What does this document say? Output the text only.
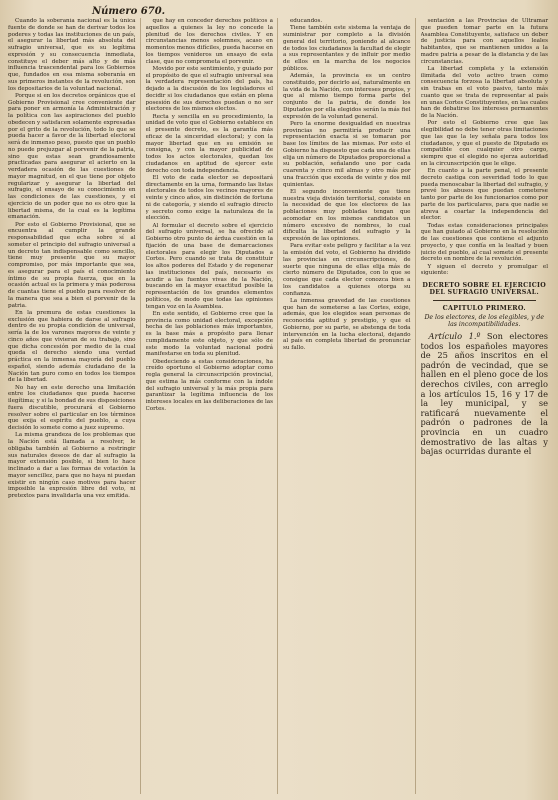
Número 670.

Cuando la soberanía nacional es la única fuente de donde se han de derivar todos los poderes y todas las instituciones de un país, el asegurar la libertad más absoluta del sufragio universal, que es su legítima expresión y su consecuencia inmediata, constituye el deber más alto y de más influencia trascendental para los Gobiernos que, fundados en esa misma soberanía en sus primeros instantes de la revolución, son los depositarios de la voluntad nacional.

Porque si en los decretos orgánicos que el Gobierno Provisional cree conveniente dar para poner en armonía la Administración y la política con las aspiraciones del pueblo obedecen y satisfacen solamente expresadas por el grito de la revolución, todo lo que se pueda hacer a favor de la libertad electoral será de inmenso peso, puesto que un pueblo no puede prejuzgar al porvenir de la patria, sino que estas sean grandiosamente practicadas para asegurar el acierto en la verdadera ocasión de las cuestiones de mayor magnitud, en el que tiene por objeto regularizar y asegurar la libertad del sufragio, el ensayo de su conocimiento en las condiciones de las cuestiones, y el ejercicio de un poder que no es otro que la libertad misma, de la cual es la legítima emanación.

Por esto el Gobierno Provisional, que se encuentra al cumplir la grande responsabilidad que echa sobre sí al someter el principio del sufragio universal a un decreto tan indispensable como sencillo, tiene muy presente que su mayor compromiso, por más importante que sea, es asegurar para el país el conocimiento íntimo de su propia fuerza, que en la ocasión actual es la primera y más poderosa de cuantas tiene el pueblo para resolver de la manera que sea a bien el porvenir de la patria.

En la premura de estas cuestiones la exclusión que habiera de darse al sufragio dentro de su propia condición de universal, sería la de los varones mayores de veinte y cinco años que vivieran de su trabajo, sino que dicha concesión por medio de la cual queda el derecho siendo una verdad práctica en la inmensa mayoría del pueblo español, siendo además ciudadano de la Nación tan puro como en todos los tiempos de la libertad.

No hay en este derecho una limitación entre los ciudadanos que pueda hacerse ilegítima; y si la bondad de sus disposiciones fuera discutible, procurará el Gobierno resolver sobre el particular en los términos que exija el espíritu del pueblo, a cuya decisión lo somete como a juez supremo.

La misma grandeza de los problemas que la Nación está llamada a resolver, le obligaba también al Gobierno a restringir sus naturales deseos de dar al sufragio la mayor extensión posible, si bien lo hace inclinado a dar a las formas de votación la mayor sencillez, para que no haya ni puedan existir en ningún caso motivos para hacer imposible la expresión libre del voto, ni pretextos para invalidarla una vez emitida.

que hay en conceder derechos políticos a aquellos a quienes la ley no concede la plenitud de los derechos civiles. Y en circunstancias menos solemnes, acaso en momentos menos difíciles, pueda hacerse en los tiempos venideros un ensayo de esta clase, que no comprometa el porvenir.

Movido por este sentimiento, y guiado por el propósito de que el sufragio universal sea la verdadera representación del país, ha dejado a la discusión de los legisladores el decidir si los ciudadanos que están en plena posesión de sus derechos puedan o no ser electores de los mismos electos.

Recta y sencilla en su procedimiento, la unidad de voto que el Gobierno establece en el presente decreto, es la garantía más eficaz de la sinceridad electoral; y con la mayor libertad que en su emisión se consigna, y con la mayor publicidad de todos los actos electorales, quedan los ciudadanos en aptitud de ejercer este derecho con toda independencia.

El voto de cada elector se depositará directamente en la urna, formando las listas electorales de todos los vecinos mayores de veinte y cinco años, sin distinción de fortuna ni de categoría, y siendo el sufragio directo y secreto como exige la naturaleza de la elección.

Al formular el decreto sobre el ejercicio del sufragio universal, se ha ofrecido al Gobierno otro punto de árdua cuestión en la fijación de una base de demarcaciones electorales para elegir los Diputados a Cortes. Pero cuando se trata de constituir los altos poderes del Estado y de regenerar las instituciones del país, necesario es acudir a las fuentes vivas de la Nación, buscando en la mayor exactitud posible la representación de los grandes elementos políticos, de modo que todas las opiniones tengan voz en la Asamblea.

En este sentido, el Gobierno cree que la provincia como unidad electoral, excepción hecha de las poblaciones más importantes, es la base más a propósito para llenar cumplidamente este objeto, y que sólo de este modo la voluntad nacional podrá manifestarse en toda su plenitud.

Obedeciendo a estas consideraciones, ha creído oportuno el Gobierno adoptar como regla general la circunscripción provincial, que estima la más conforme con la índole del sufragio universal y la más propia para garantizar la legítima influencia de los intereses locales en las deliberaciones de las Cortes.

educandos.

Tiene también este sistema la ventaja de suministrar por completo a la división general del territorio, poniendo al alcance de todos los ciudadanos la facultad de elegir a sus representantes y de influir por medio de ellos en la marcha de los negocios públicos.

Además, la provincia es un centro constituido, por decirlo así, naturalmente en la vida de la Nación, con intereses propios, y que al mismo tiempo forma parte del conjunto de la patria, de donde los Diputados por ella elegidos serán la más fiel expresión de la voluntad general.

Pero la enorme desigualdad en nuestras provincias no permitiría producir una representación exacta si se tomaran por base los límites de las mismas. Por esto el Gobierno ha dispuesto que cada una de ellas elija un número de Diputados proporcional a su población, señalando uno por cada cuarenta y cinco mil almas y otro más por una fracción que exceda de veinte y dos mil quinientas.

El segundo inconveniente que tiene nuestra vieja división territorial, consiste en la necesidad de que los electores de las poblaciones muy pobladas tengan que acomodar en los mismos candidatos un número excesivo de nombres, lo cual dificulta la libertad del sufragio y la expresión de las opiniones.

Para evitar este peligro y facilitar a la vez la emisión del voto, el Gobierno ha dividido las provincias en circunscripciones, de suerte que ninguna de ellas elija más de cierto número de Diputados, con lo que se consigue que cada elector conozca bien a los candidatos a quienes otorga su confianza.

La inmensa gravedad de las cuestiones que han de someterse a las Cortes, exige, además, que los elegidos sean personas de reconocida aptitud y prestigio, y que el Gobierno, por su parte, se abstenga de toda intervención en la lucha electoral, dejando al país en completa libertad de pronunciar su fallo.

sentación a las Provincias de Ultramar que pueden tomar parte en la futura Asamblea Constituyente, satisface un deber de justicia para con aquellos leales habitantes, que se mantienen unidos a la madre patria a pesar de la distancia y de las circunstancias.

La libertad completa y la extensión ilimitada del voto activo traen como consecuencia forzosa la libertad absoluta y sin trabas en el voto pasivo, tanto más cuanto que se trata de representar al país en unas Cortes Constituyentes, en las cuales han de debatirse los intereses permanentes de la Nación.

Por esto el Gobierno cree que las elegibilidad no debe tener otras limitaciones que las que la ley señala para todos los ciudadanos, y que el puesto de Diputado es compatible con cualquier otro cargo, siempre que el elegido no ejerza autoridad en la circunscripción que le elige.

En cuanto a la parte penal, el presente decreto castiga con severidad todo lo que pueda menoscabar la libertad del sufragio, y prevé los abusos que puedan cometerse tanto por parte de los funcionarios como por parte de los particulares, para que nadie se atreva a coartar la independencia del elector.

Todas estas consideraciones principales que han guiado al Gobierno en la resolución de las cuestiones que contiene el adjunto proyecto, y que confía en la lealtad y buen juicio del pueblo, al cual somete el presente decreto en nombre de la revolución.

Y siguen el decreto y promulgar el siguiente:

DECRETO SOBRE EL EJERCICIO DEL SUFRAGIO UNIVERSAL.
CAPITULO PRIMERO.
De los electores, de los elegibles, y de las incompatibilidades.

Artículo 1.º Son electores todos los españoles mayores de 25 años inscritos en el padrón de vecindad, que se hallen en el pleno goce de los derechos civiles, con arreglo a los artículos 15, 16 y 17 de la ley municipal, y se ratificará nuevamente el padrón o padrones de la provincia en un cuadro demostrativo de las altas y bajas ocurridas durante el
